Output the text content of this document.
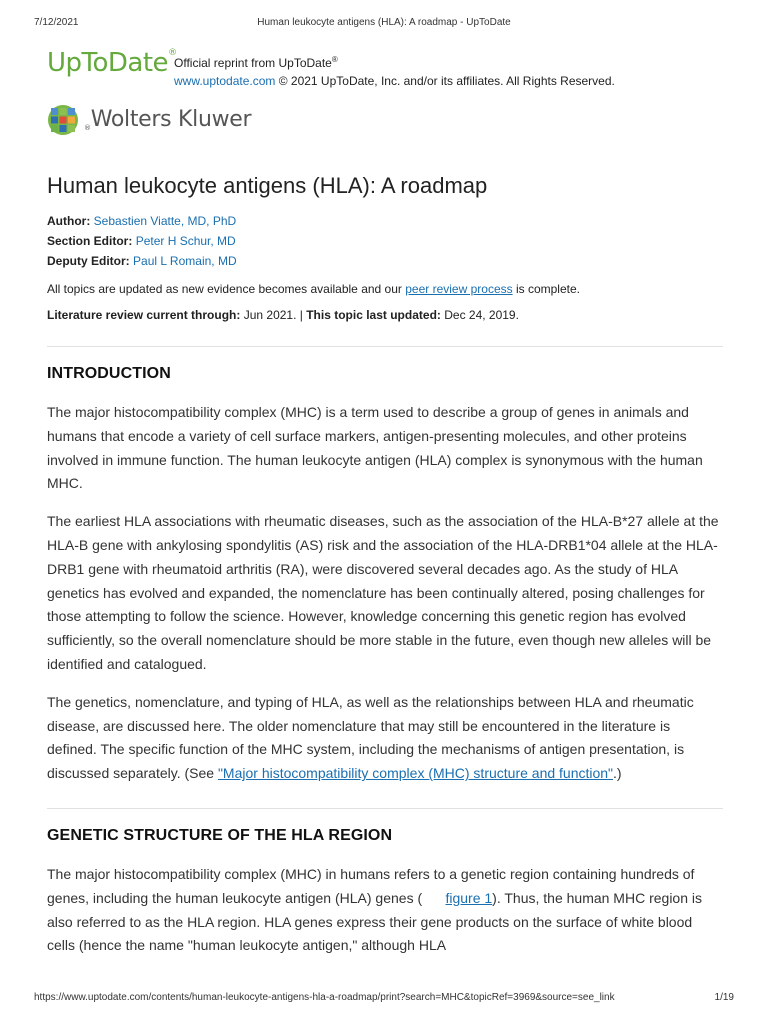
7/12/2021	Human leukocyte antigens (HLA): A roadmap - UpToDate
UpToDate®
Official reprint from UpToDate®
www.uptodate.com © 2021 UpToDate, Inc. and/or its affiliates. All Rights Reserved.
®Wolters Kluwer
Human leukocyte antigens (HLA): A roadmap
Author: Sebastien Viatte, MD, PhD
Section Editor: Peter H Schur, MD
Deputy Editor: Paul L Romain, MD
All topics are updated as new evidence becomes available and our peer review process is complete.
Literature review current through: Jun 2021. | This topic last updated: Dec 24, 2019.
INTRODUCTION

The major histocompatibility complex (MHC) is a term used to describe a group of genes in animals and humans that encode a variety of cell surface markers, antigen-presenting molecules, and other proteins involved in immune function. The human leukocyte antigen (HLA) complex is synonymous with the human MHC.

The earliest HLA associations with rheumatic diseases, such as the association of the HLA-B*27 allele at the HLA-B gene with ankylosing spondylitis (AS) risk and the association of the HLA-DRB1*04 allele at the HLA-DRB1 gene with rheumatoid arthritis (RA), were discovered several decades ago. As the study of HLA genetics has evolved and expanded, the nomenclature has been continually altered, posing challenges for those attempting to follow the science. However, knowledge concerning this genetic region has evolved sufficiently, so the overall nomenclature should be more stable in the future, even though new alleles will be identified and catalogued.

The genetics, nomenclature, and typing of HLA, as well as the relationships between HLA and rheumatic disease, are discussed here. The older nomenclature that may still be encountered in the literature is defined. The specific function of the MHC system, including the mechanisms of antigen presentation, is discussed separately. (See "Major histocompatibility complex (MHC) structure and function".)

GENETIC STRUCTURE OF THE HLA REGION

The major histocompatibility complex (MHC) in humans refers to a genetic region containing hundreds of genes, including the human leukocyte antigen (HLA) genes ( figure 1). Thus, the human MHC region is also referred to as the HLA region. HLA genes express their gene products on the surface of white blood cells (hence the name "human leukocyte antigen," although HLA

https://www.uptodate.com/contents/human-leukocyte-antigens-hla-a-roadmap/print?search=MHC&topicRef=3969&source=see_link	1/19
